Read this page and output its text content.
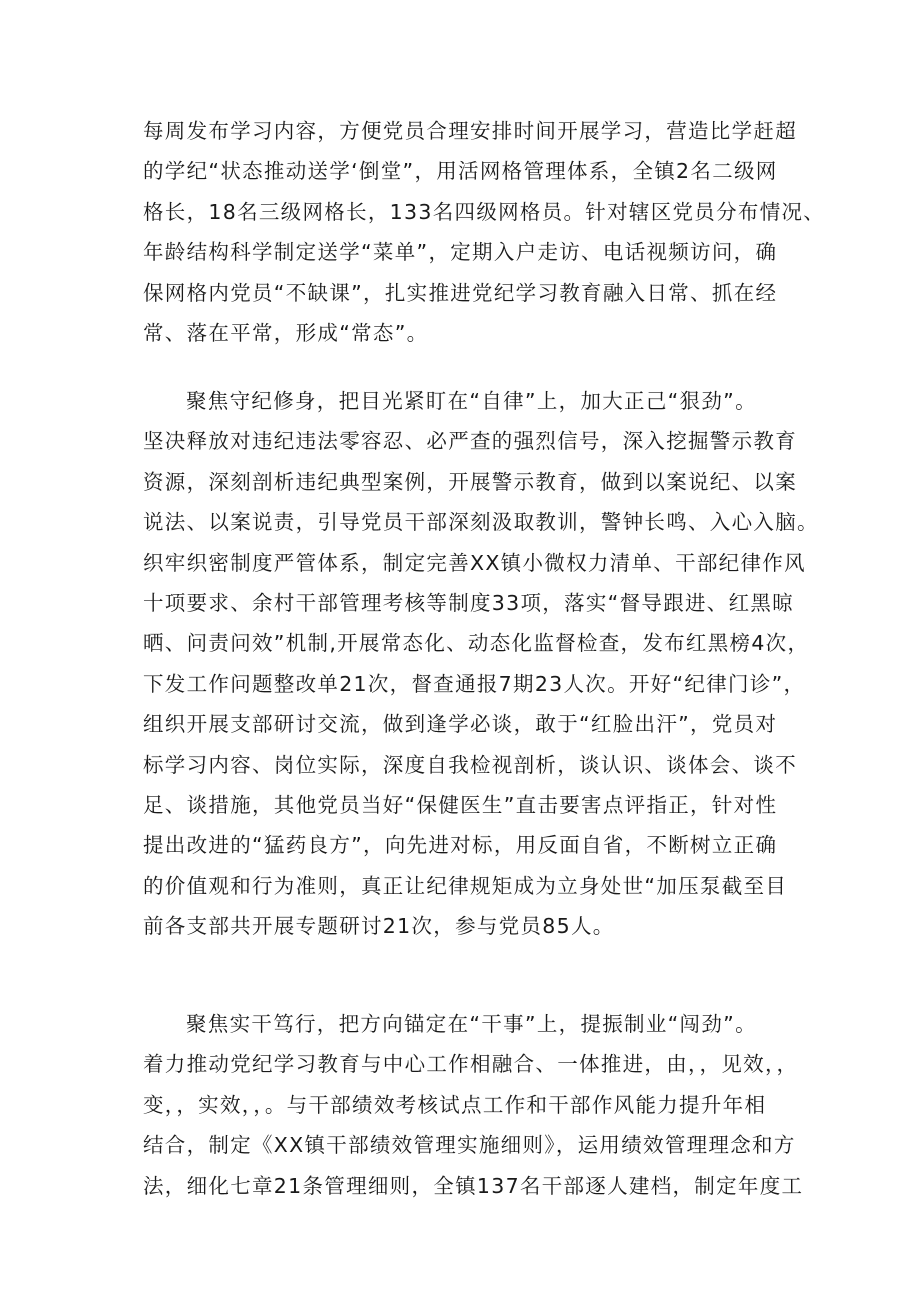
每周发布学习内容，方便党员合理安排时间开展学习，营造比学赶超
的学纪“状态推动送学‘倒堂”，用活网格管理体系，全镇2名二级网
格长，18名三级网格长，133名四级网格员。针对辖区党员分布情况、
年龄结构科学制定送学“菜单”，定期入户走访、电话视频访问，确
保网格内党员“不缺课”，扎实推进党纪学习教育融入日常、抓在经
常、落在平常，形成“常态”。
聚焦守纪修身，把目光紧盯在“自律”上，加大正己“狠劲”。
坚决释放对违纪违法零容忍、必严查的强烈信号，深入挖掘警示教育
资源，深刻剖析违纪典型案例，开展警示教育，做到以案说纪、以案
说法、以案说责，引导党员干部深刻汲取教训，警钟长鸣、入心入脑。
织牢织密制度严管体系，制定完善XX镇小微权力清单、干部纪律作风
十项要求、余村干部管理考核等制度33项，落实“督导跟进、红黑晾
晒、问责问效”机制,开展常态化、动态化监督检查，发布红黑榜4次，
下发工作问题整改单21次，督查通报7期23人次。开好“纪律门诊”，
组织开展支部研讨交流，做到逢学必谈，敢于“红脸出汗”，党员对
标学习内容、岗位实际，深度自我检视剖析，谈认识、谈体会、谈不
足、谈措施，其他党员当好“保健医生”直击要害点评指正，针对性
提出改进的“猛药良方”，向先进对标，用反面自省，不断树立正确
的价值观和行为准则，真正让纪律规矩成为立身处世“加压泵截至目
前各支部共开展专题研讨21次，参与党员85人。
聚焦实干笃行，把方向锚定在“干事”上，提振制业“闯劲”。
着力推动党纪学习教育与中心工作相融合、一体推进，由，，见效，，
变，，实效，，。与干部绩效考核试点工作和干部作风能力提升年相
结合，制定《XX镇干部绩效管理实施细则》，运用绩效管理理念和方
法，细化七章21条管理细则，全镇137名干部逐人建档，制定年度工
